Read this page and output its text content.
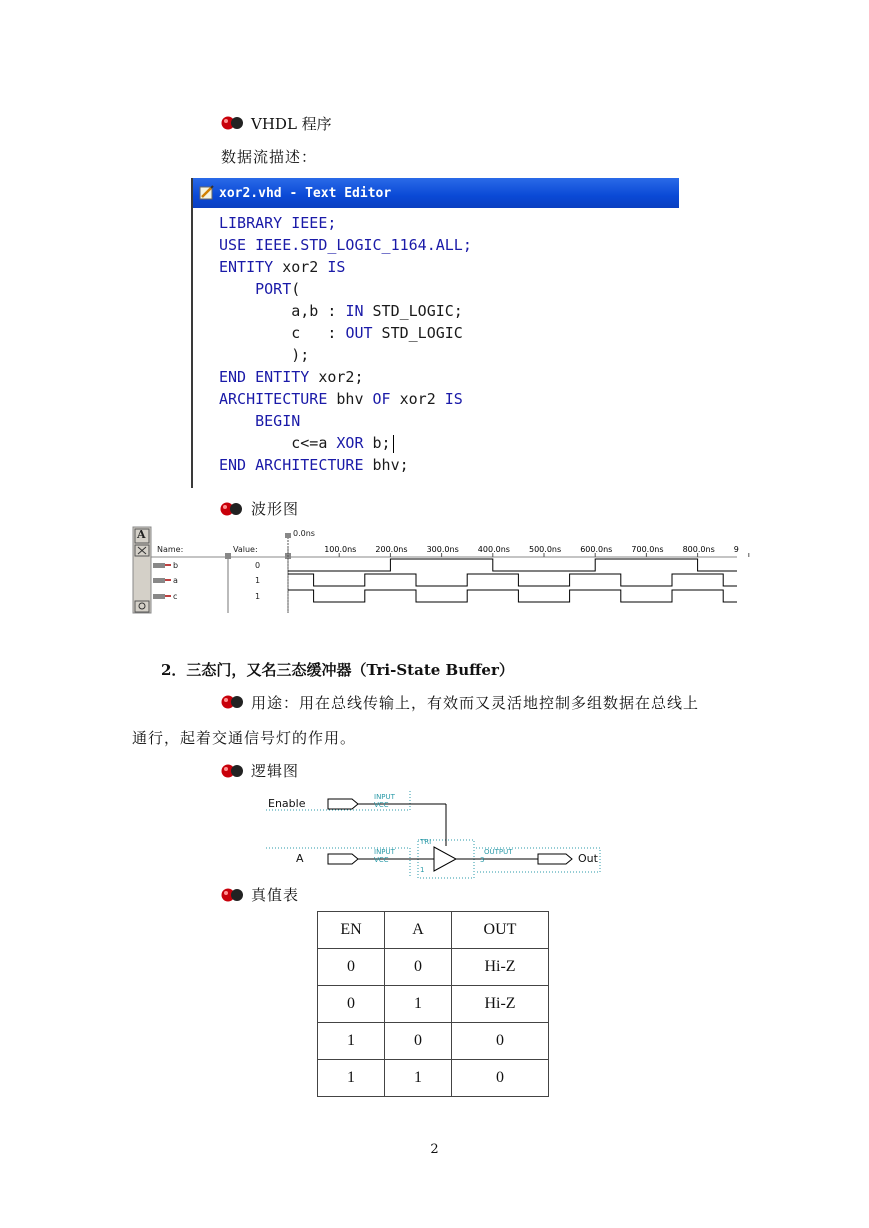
VHDL 程序
数据流描述：
xor2.vhd - Text Editor
LIBRARY IEEE;
USE IEEE.STD_LOGIC_1164.ALL;
ENTITY xor2 IS
PORT(
a,b : IN STD_LOGIC;
c   : OUT STD_LOGIC
);
END ENTITY xor2;
ARCHITECTURE bhv OF xor2 IS
BEGIN
c<=a XOR b;
END ARCHITECTURE bhv;
波形图
100.0ns 200.0ns 300.0ns 400.0ns 500.0ns 600.0ns 700.0ns 800.0ns 9
0.0ns
Name:	Value:
A
b	0
a	1
c	1
2．三态门，又名三态缓冲器（Tri-State Buffer）
用途：用在总线传输上，有效而又灵活地控制多组数据在总线上
通行，起着交通信号灯的作用。
逻辑图
Enable
A	Out
INPUT
VCC
INPUT
VCC
OUTPUT
TRI
1
3
真值表
EN	A	OUT
0	0	Hi-Z
0	1	Hi-Z
1	0	0
1	1	0
2
